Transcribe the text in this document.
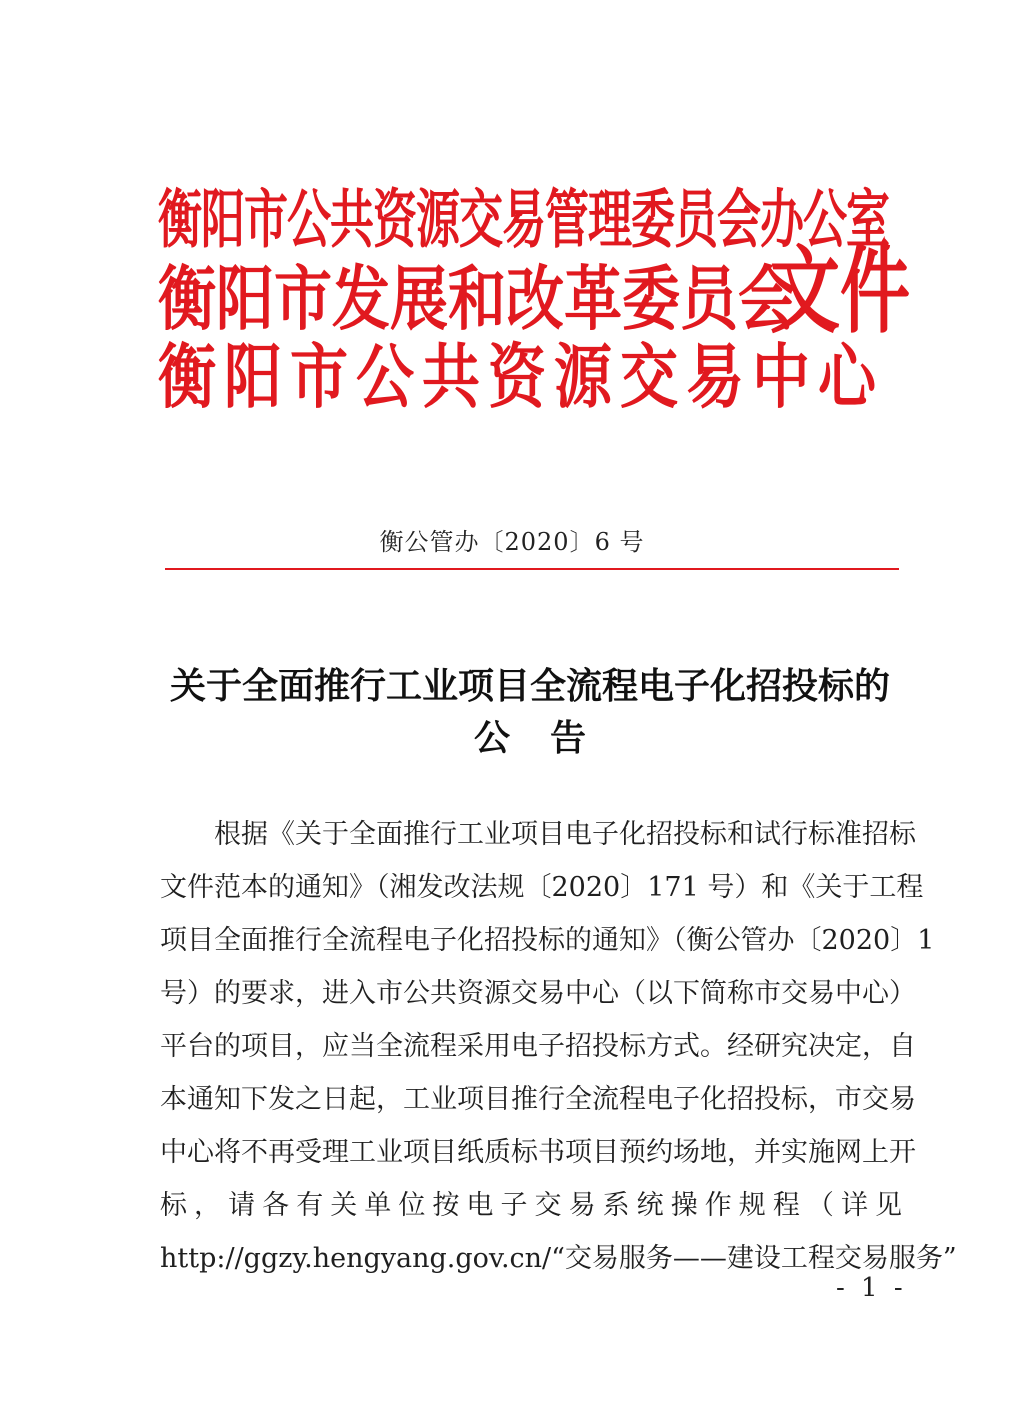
衡阳市公共资源交易管理委员会办公室
衡阳市发展和改革委员会
衡阳市公共资源交易中心
文件
衡公管办〔2020〕6 号
关于全面推行工业项目全流程电子化招投标的
公告
根据《关于全面推行工业项目电子化招投标和试行标准招标
文件范本的通知》（湘发改法规〔2020〕171 号）和《关于工程
项目全面推行全流程电子化招投标的通知》（衡公管办〔2020〕1
号）的要求，进入市公共资源交易中心（以下简称市交易中心）
平台的项目，应当全流程采用电子招投标方式。经研究决定，自
本通知下发之日起，工业项目推行全流程电子化招投标，市交易
中心将不再受理工业项目纸质标书项目预约场地，并实施网上开
标，请各有关单位按电子交易系统操作规程（详见
http://ggzy.hengyang.gov.cn/“交易服务——建设工程交易服务”
- 1 -
